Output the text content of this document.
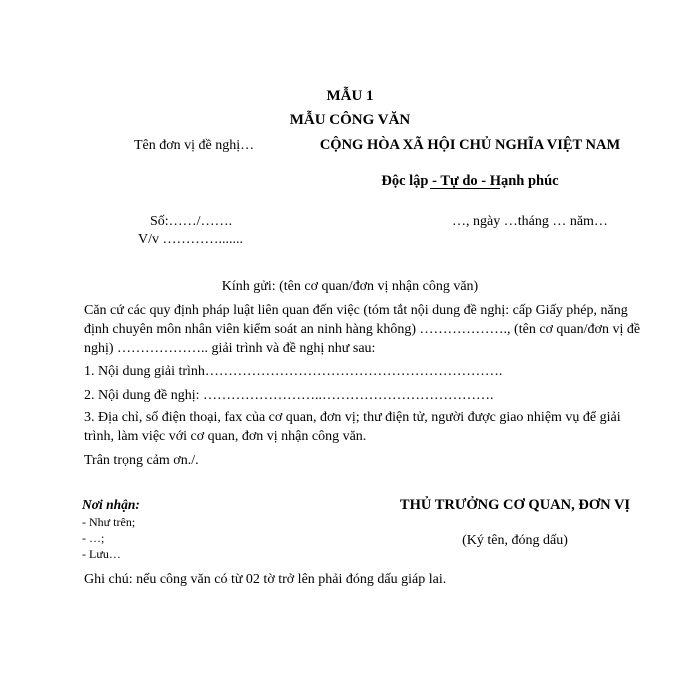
MẪU 1
MẪU CÔNG VĂN
Tên đơn vị đề nghị…	CỘNG HÒA XÃ HỘI CHỦ NGHĨA VIỆT NAM
Độc lập - Tự do - Hạnh phúc
Số:……/…….	…, ngày …tháng … năm…
V/v ………….......
Kính gửi: (tên cơ quan/đơn vị nhận công văn)
Căn cứ các quy định pháp luật liên quan đến việc (tóm tắt nội dung đề nghị: cấp Giấy phép, năng định chuyên môn nhân viên kiểm soát an ninh hàng không) ………………., (tên cơ quan/đơn vị đề nghị) ……………….. giải trình và đề nghị như sau:
1. Nội dung giải trình……………………………………………………….
2. Nội dung đề nghị: ……………………..……………………………….
3. Địa chỉ, số điện thoại, fax của cơ quan, đơn vị; thư điện tử, người được giao nhiệm vụ để giải trình, làm việc với cơ quan, đơn vị nhận công văn.
Trân trọng cảm ơn./.
Nơi nhận:
- Như trên;
- …;
- Lưu…
THỦ TRƯỞNG CƠ QUAN, ĐƠN VỊ
(Ký tên, đóng dấu)
Ghi chú: nếu công văn có từ 02 tờ trở lên phải đóng dấu giáp lai.
